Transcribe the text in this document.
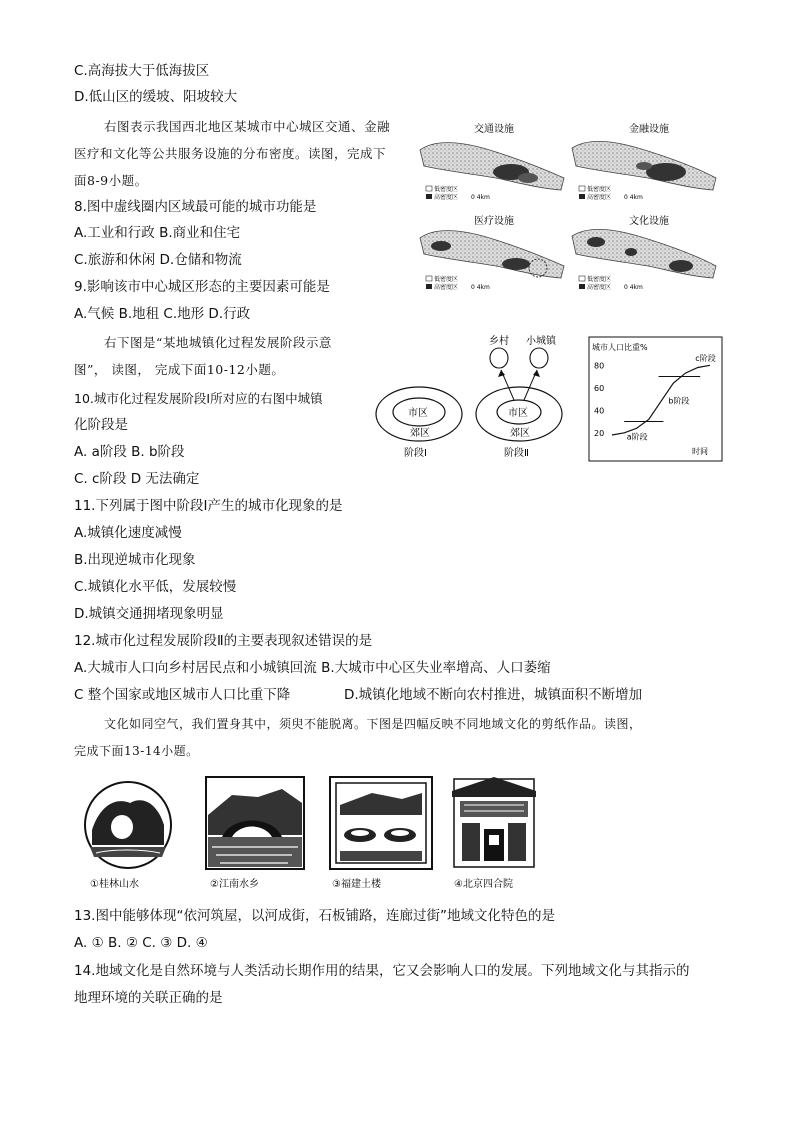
C.高海拔大于低海拔区
D.低山区的缓坡、阳坡较大
右图表示我国西北地区某城市中心城区交通、金融
医疗和文化等公共服务设施的分布密度。读图，完成下
面8-9小题。
8.图中虚线圈内区域最可能的城市功能是
A.工业和行政 B.商业和住宅
C.旅游和休闲 D.仓储和物流
9.影响该市中心城区形态的主要因素可能是
A.气候 B.地租 C.地形 D.行政
右下图是“某地城镇化过程发展阶段示意
图”， 读图， 完成下面10-12小题。
10.城市化过程发展阶段Ⅰ所对应的右图中城镇
化阶段是
A. a阶段 B. b阶段
C. c阶段 D 无法确定
11.下列属于图中阶段Ⅰ产生的城市化现象的是
A.城镇化速度减慢
B.出现逆城市化现象
C.城镇化水平低，发展较慢
D.城镇交通拥堵现象明显
12.城市化过程发展阶段Ⅱ的主要表现叙述错误的是
A.大城市人口向乡村居民点和小城镇回流 B.大城市中心区失业率增高、人口萎缩
C 整个国家或地区城市人口比重下降	D.城镇化地域不断向农村推进，城镇面积不断增加
文化如同空气，我们置身其中，须臾不能脱离。下图是四幅反映不同地域文化的剪纸作品。读图，
完成下面13-14小题。
13.图中能够体现“依河筑屋，以河成街，石板铺路，连廊过街”地域文化特色的是
A. ① B. ② C. ③ D. ④
14.地域文化是自然环境与人类活动长期作用的结果，它又会影响人口的发展。下列地域文化与其指示的
地理环境的关联正确的是
交通设施
低密度区
高密度区 0 4km
金融设施
低密度区
高密度区 0 4km
医疗设施
低密度区
高密度区 0 4km
文化设施
低密度区
高密度区 0 4km
市区
郊区
阶段Ⅰ
市区
郊区
阶段Ⅱ
乡村 小城镇
城市人口比重%
时间
20
40
60
80
a阶段
b阶段
c阶段
①桂林山水	②江南水乡	③福建土楼	④北京四合院
